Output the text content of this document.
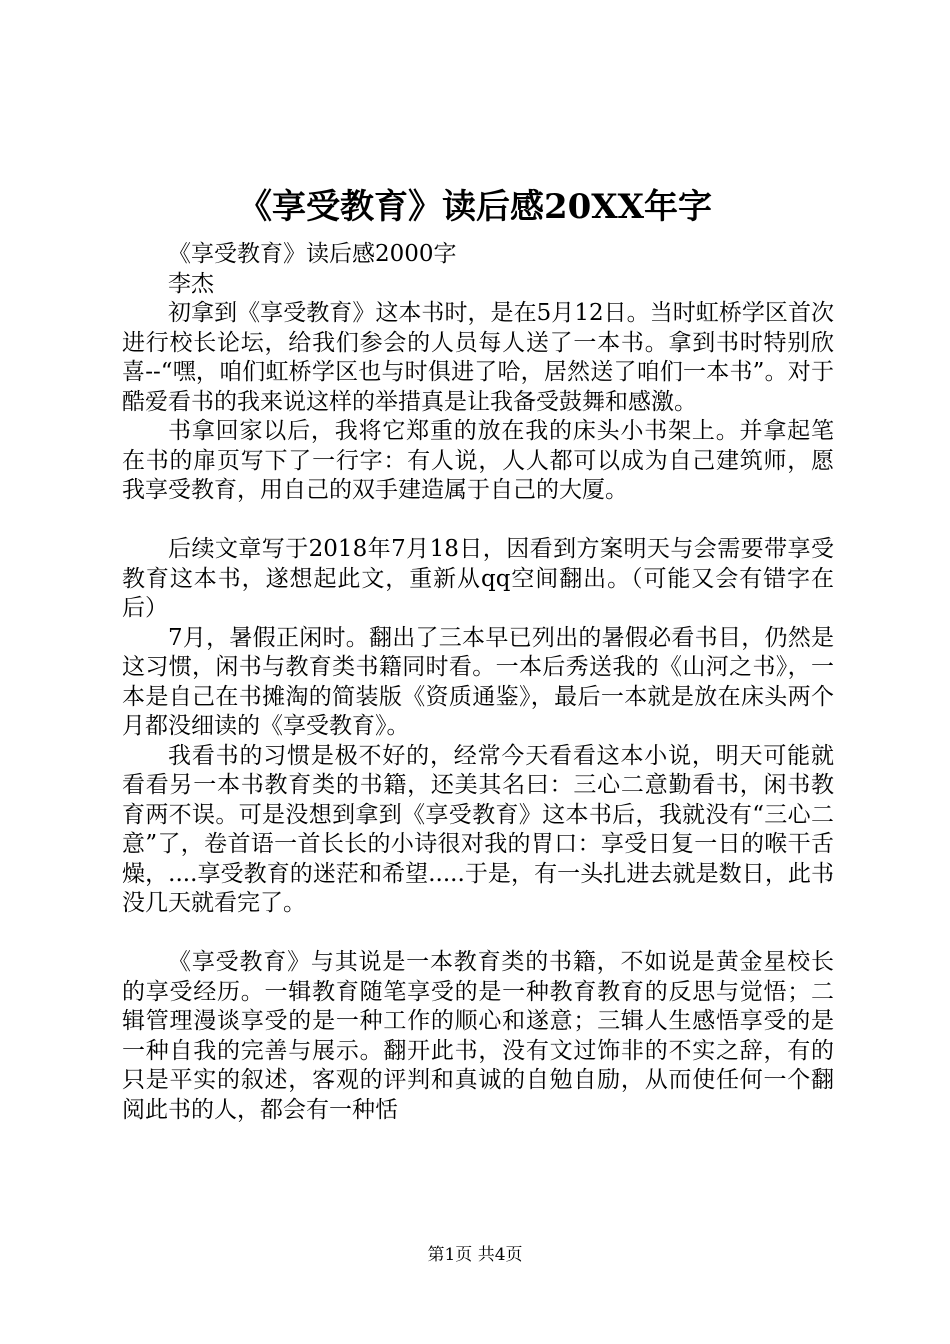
《享受教育》读后感20XX年字

《享受教育》读后感2000字

李杰

初拿到《享受教育》这本书时，是在5月12日。当时虹桥学区首次进行校长论坛，给我们参会的人员每人送了一本书。拿到书时特别欣喜--“嘿，咱们虹桥学区也与时俱进了哈，居然送了咱们一本书”。对于酷爱看书的我来说这样的举措真是让我备受鼓舞和感激。

书拿回家以后，我将它郑重的放在我的床头小书架上。并拿起笔在书的扉页写下了一行字：有人说，人人都可以成为自己建筑师，愿我享受教育，用自己的双手建造属于自己的大厦。

后续文章写于2018年7月18日，因看到方案明天与会需要带享受教育这本书，遂想起此文，重新从qq空间翻出。（可能又会有错字在后）

7月，暑假正闲时。翻出了三本早已列出的暑假必看书目，仍然是这习惯，闲书与教育类书籍同时看。一本后秀送我的《山河之书》，一本是自己在书摊淘的简装版《资质通鉴》，最后一本就是放在床头两个月都没细读的《享受教育》。

我看书的习惯是极不好的，经常今天看看这本小说，明天可能就看看另一本书教育类的书籍，还美其名曰：三心二意勤看书，闲书教育两不误。可是没想到拿到《享受教育》这本书后，我就没有“三心二意”了，卷首语一首长长的小诗很对我的胃口：享受日复一日的喉干舌燥，....享受教育的迷茫和希望.....于是，有一头扎进去就是数日，此书没几天就看完了。

《享受教育》与其说是一本教育类的书籍，不如说是黄金星校长的享受经历。一辑教育随笔享受的是一种教育教育的反思与觉悟；二辑管理漫谈享受的是一种工作的顺心和遂意；三辑人生感悟享受的是一种自我的完善与展示。翻开此书，没有文过饰非的不实之辞，有的只是平实的叙述，客观的评判和真诚的自勉自励，从而使任何一个翻阅此书的人，都会有一种恬

第1页 共4页
